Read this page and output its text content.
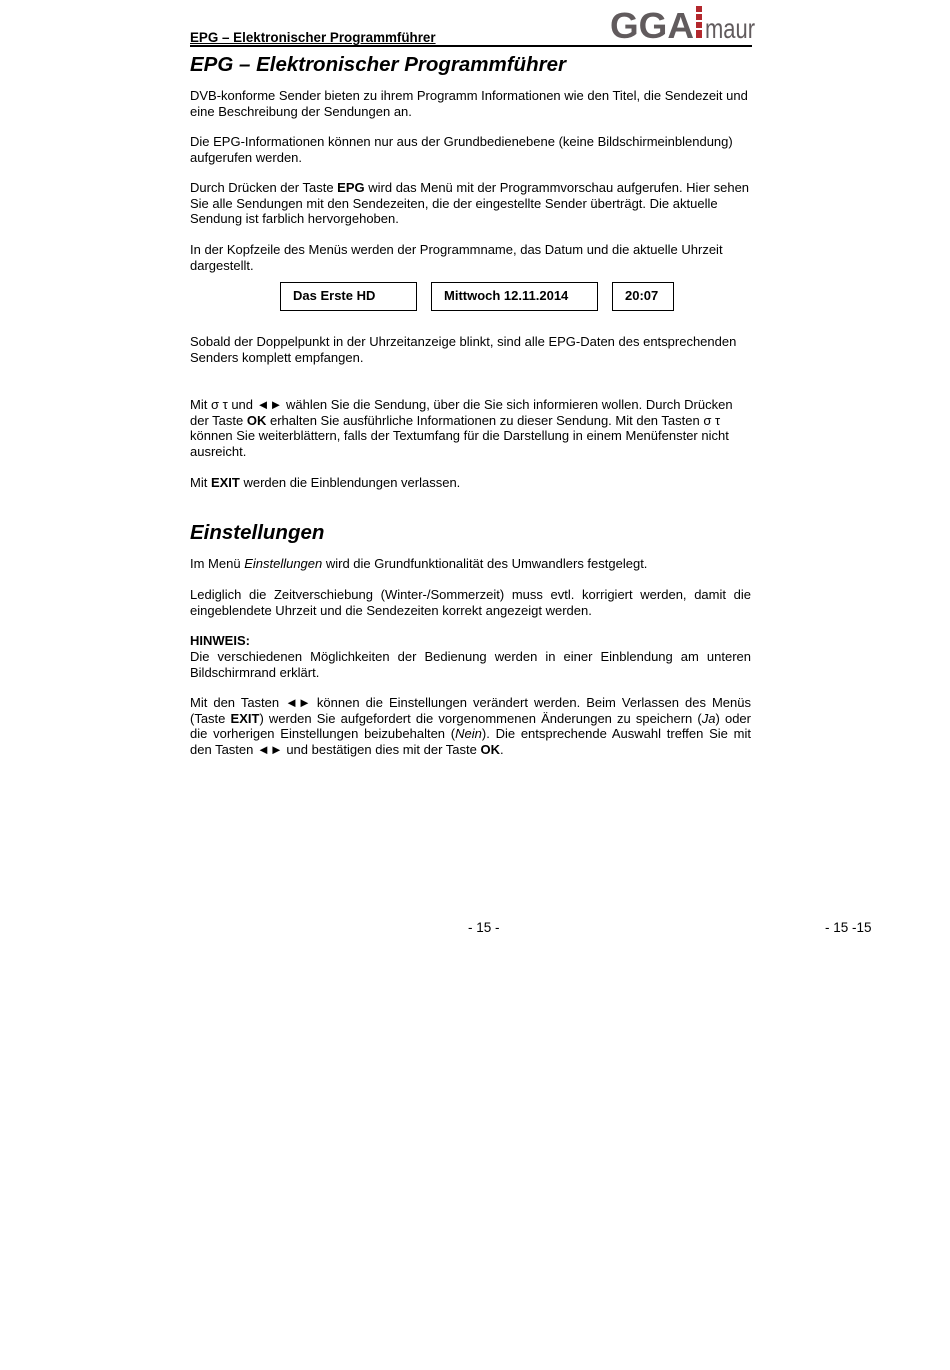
EPG – Elektronischer Programmführer	GGA maur
EPG – Elektronischer Programmführer

DVB-konforme Sender bieten zu ihrem Programm Informationen wie den Titel, die Sendezeit und eine Beschreibung der Sendungen an.

Die EPG-Informationen können nur aus der Grundbedienebene (keine Bildschirmeinblendung) aufgerufen werden.

Durch Drücken der Taste EPG wird das Menü mit der Programmvorschau aufgerufen. Hier sehen Sie alle Sendungen mit den Sendezeiten, die der eingestellte Sender überträgt. Die aktuelle Sendung ist farblich hervorgehoben.

In der Kopfzeile des Menüs werden der Programmname, das Datum und die aktuelle Uhrzeit dargestellt.

Das Erste HD	Mittwoch 12.11.2014	20:07

Sobald der Doppelpunkt in der Uhrzeitanzeige blinkt, sind alle EPG-Daten des entsprechenden Senders komplett empfangen.

Mit σ τ und ◄► wählen Sie die Sendung, über die Sie sich informieren wollen. Durch Drücken der Taste OK erhalten Sie ausführliche Informationen zu dieser Sendung. Mit den Tasten σ τ können Sie weiterblättern, falls der Textumfang für die Darstellung in einem Menüfenster nicht ausreicht.

Mit EXIT werden die Einblendungen verlassen.

Einstellungen

Im Menü Einstellungen wird die Grundfunktionalität des Umwandlers festgelegt.

Lediglich die Zeitverschiebung (Winter-/Sommerzeit) muss evtl. korrigiert werden, damit die eingeblendete Uhrzeit und die Sendezeiten korrekt angezeigt werden.

HINWEIS:

Die verschiedenen Möglichkeiten der Bedienung werden in einer Einblendung am unteren Bildschirmrand erklärt.

Mit den Tasten ◄► können die Einstellungen verändert werden. Beim Verlassen des Menüs (Taste EXIT) werden Sie aufgefordert die vorgenommenen Änderungen zu speichern (Ja) oder die vorherigen Einstellungen beizubehalten (Nein). Die entsprechende Auswahl treffen Sie mit den Tasten ◄► und bestätigen dies mit der Taste OK.

- 15 -	- 15 -15
